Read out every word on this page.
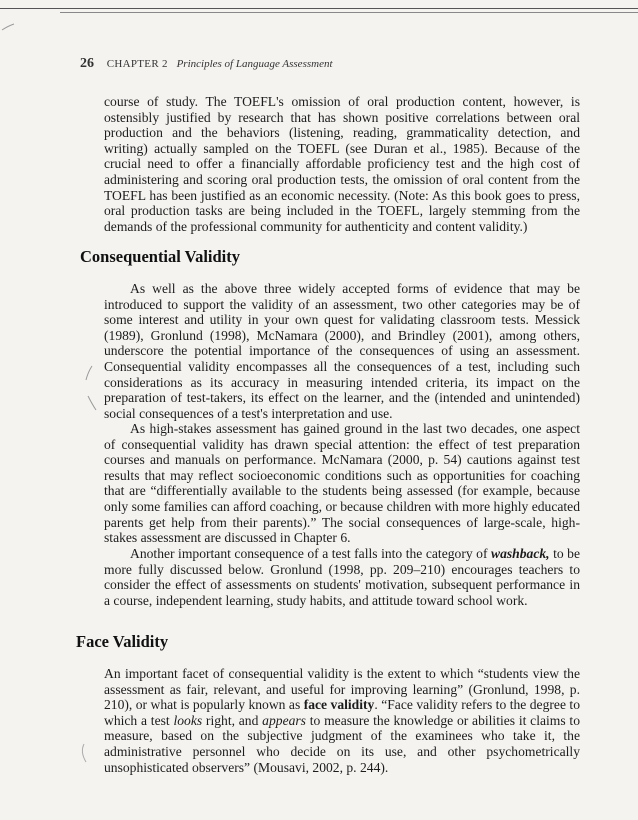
26 CHAPTER 2 Principles of Language Assessment

course of study. The TOEFL's omission of oral production content, however, is ostensibly justified by research that has shown positive correlations between oral production and the behaviors (listening, reading, grammaticality detection, and writing) actually sampled on the TOEFL (see Duran et al., 1985). Because of the crucial need to offer a financially affordable proficiency test and the high cost of administering and scoring oral production tests, the omission of oral content from the TOEFL has been justified as an economic necessity. (Note: As this book goes to press, oral production tasks are being included in the TOEFL, largely stemming from the demands of the professional community for authenticity and content validity.)

Consequential Validity

As well as the above three widely accepted forms of evidence that may be introduced to support the validity of an assessment, two other categories may be of some interest and utility in your own quest for validating classroom tests. Messick (1989), Gronlund (1998), McNamara (2000), and Brindley (2001), among others, underscore the potential importance of the consequences of using an assessment. Consequential validity encompasses all the consequences of a test, including such considerations as its accuracy in measuring intended criteria, its impact on the preparation of test-takers, its effect on the learner, and the (intended and unintended) social consequences of a test's interpretation and use.

As high-stakes assessment has gained ground in the last two decades, one aspect of consequential validity has drawn special attention: the effect of test preparation courses and manuals on performance. McNamara (2000, p. 54) cautions against test results that may reflect socioeconomic conditions such as opportunities for coaching that are “differentially available to the students being assessed (for example, because only some families can afford coaching, or because children with more highly educated parents get help from their parents).” The social consequences of large-scale, high-stakes assessment are discussed in Chapter 6.

Another important consequence of a test falls into the category of washback, to be more fully discussed below. Gronlund (1998, pp. 209–210) encourages teachers to consider the effect of assessments on students' motivation, subsequent performance in a course, independent learning, study habits, and attitude toward school work.

Face Validity

An important facet of consequential validity is the extent to which “students view the assessment as fair, relevant, and useful for improving learning” (Gronlund, 1998, p. 210), or what is popularly known as face validity. “Face validity refers to the degree to which a test looks right, and appears to measure the knowledge or abilities it claims to measure, based on the subjective judgment of the examinees who take it, the administrative personnel who decide on its use, and other psychometrically unsophisticated observers” (Mousavi, 2002, p. 244).
